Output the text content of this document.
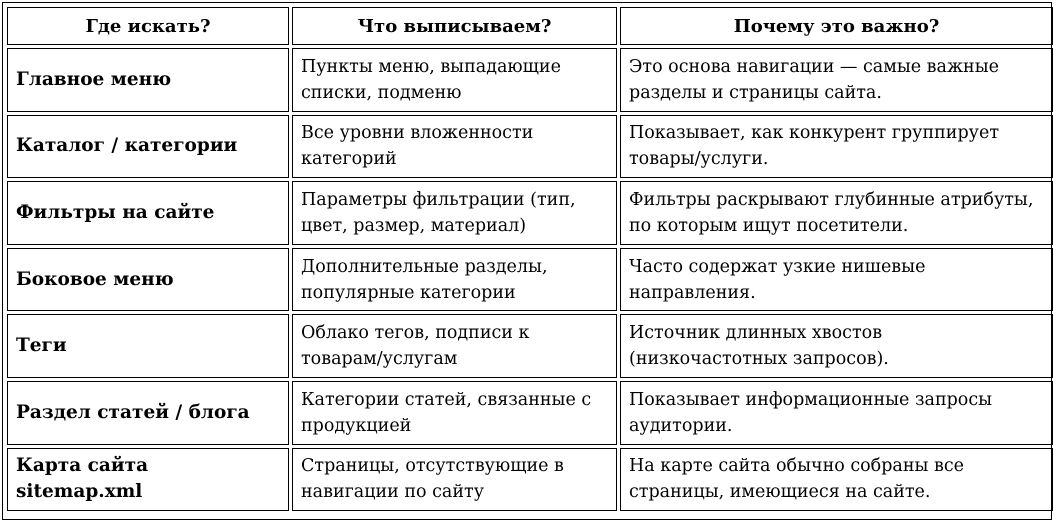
Где искать?	Что выписываем?	Почему это важно?
Главное меню	Пункты меню, выпадающие списки, подменю	Это основа навигации — самые важные разделы и страницы сайта.
Каталог / категории	Все уровни вложенности категорий	Показывает, как конкурент группирует товары/услуги.
Фильтры на сайте	Параметры фильтрации (тип, цвет, размер, материал)	Фильтры раскрывают глубинные атрибуты, по которым ищут посетители.
Боковое меню	Дополнительные разделы, популярные категории	Часто содержат узкие нишевые направления.
Теги	Облако тегов, подписи к товарам/услугам	Источник длинных хвостов (низкочастотных запросов).
Раздел статей / блога	Категории статей, связанные с продукцией	Показывает информационные запросы аудитории.
Карта сайта sitemap.xml	Страницы, отсутствующие в навигации по сайту	На карте сайта обычно собраны все страницы, имеющиеся на сайте.
